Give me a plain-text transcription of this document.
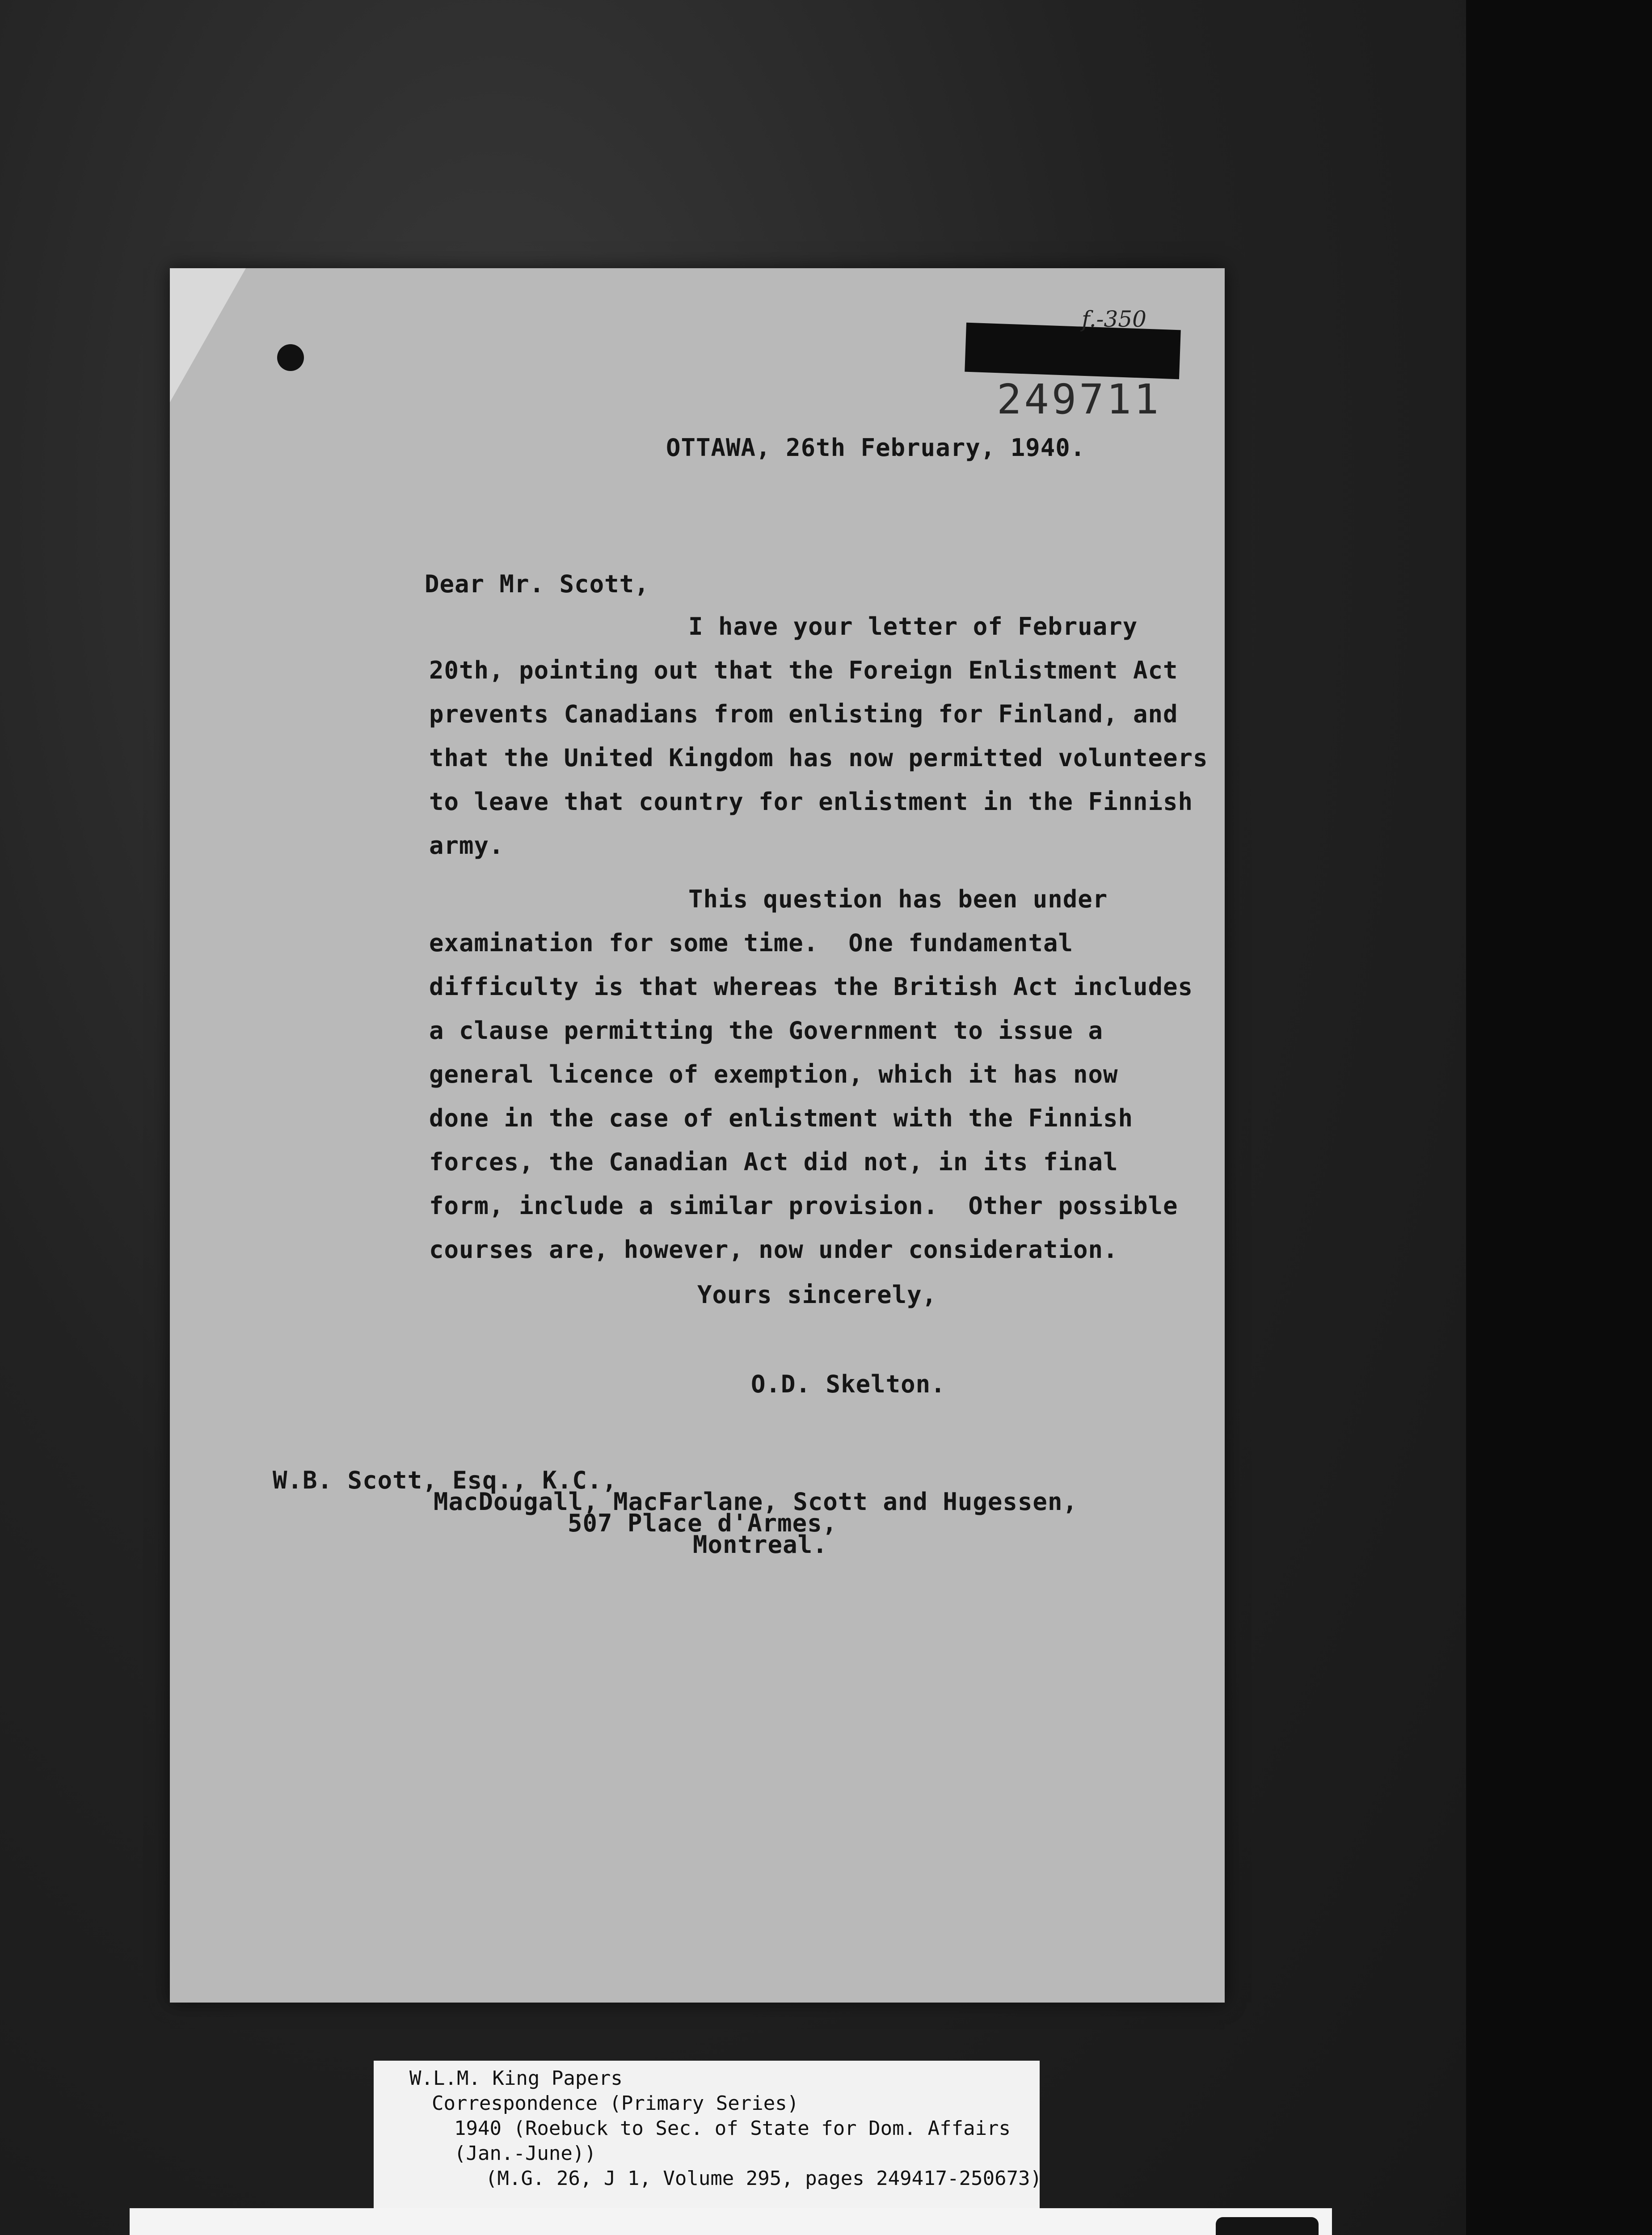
f.-350
249711
OTTAWA, 26th February, 1940.
Dear Mr. Scott,
I have your letter of February
20th, pointing out that the Foreign Enlistment Act
prevents Canadians from enlisting for Finland, and
that the United Kingdom has now permitted volunteers
to leave that country for enlistment in the Finnish
army.
This question has been under
examination for some time.  One fundamental
difficulty is that whereas the British Act includes
a clause permitting the Government to issue a
general licence of exemption, which it has now
done in the case of enlistment with the Finnish
forces, the Canadian Act did not, in its final
form, include a similar provision.  Other possible
courses are, however, now under consideration.
Yours sincerely,
O.D. Skelton.
W.B. Scott, Esq., K.C.,
MacDougall, MacFarlane, Scott and Hugessen,
507 Place d'Armes,
Montreal.
W.L.M. King Papers
Correspondence (Primary Series)
1940 (Roebuck to Sec. of State for Dom. Affairs
(Jan.-June))
(M.G. 26, J 1, Volume 295, pages 249417-250673)
